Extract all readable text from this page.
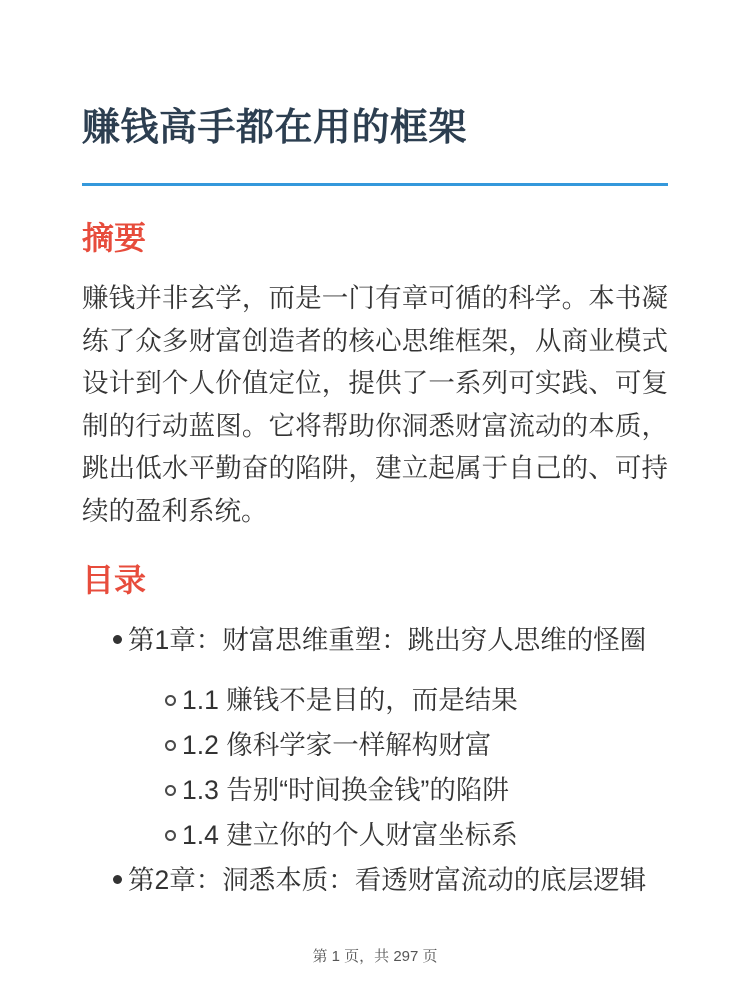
赚钱高手都在用的框架
摘要

赚钱并非玄学，而是一门有章可循的科学。本书凝练了众多财富创造者的核心思维框架，从商业模式设计到个人价值定位，提供了一系列可实践、可复制的行动蓝图。它将帮助你洞悉财富流动的本质，跳出低水平勤奋的陷阱，建立起属于自己的、可持续的盈利系统。

目录
第1章：财富思维重塑：跳出穷人思维的怪圈
1.1 赚钱不是目的，而是结果
1.2 像科学家一样解构财富
1.3 告别“时间换金钱”的陷阱
1.4 建立你的个人财富坐标系
第2章：洞悉本质：看透财富流动的底层逻辑
第 1 页，共 297 页
